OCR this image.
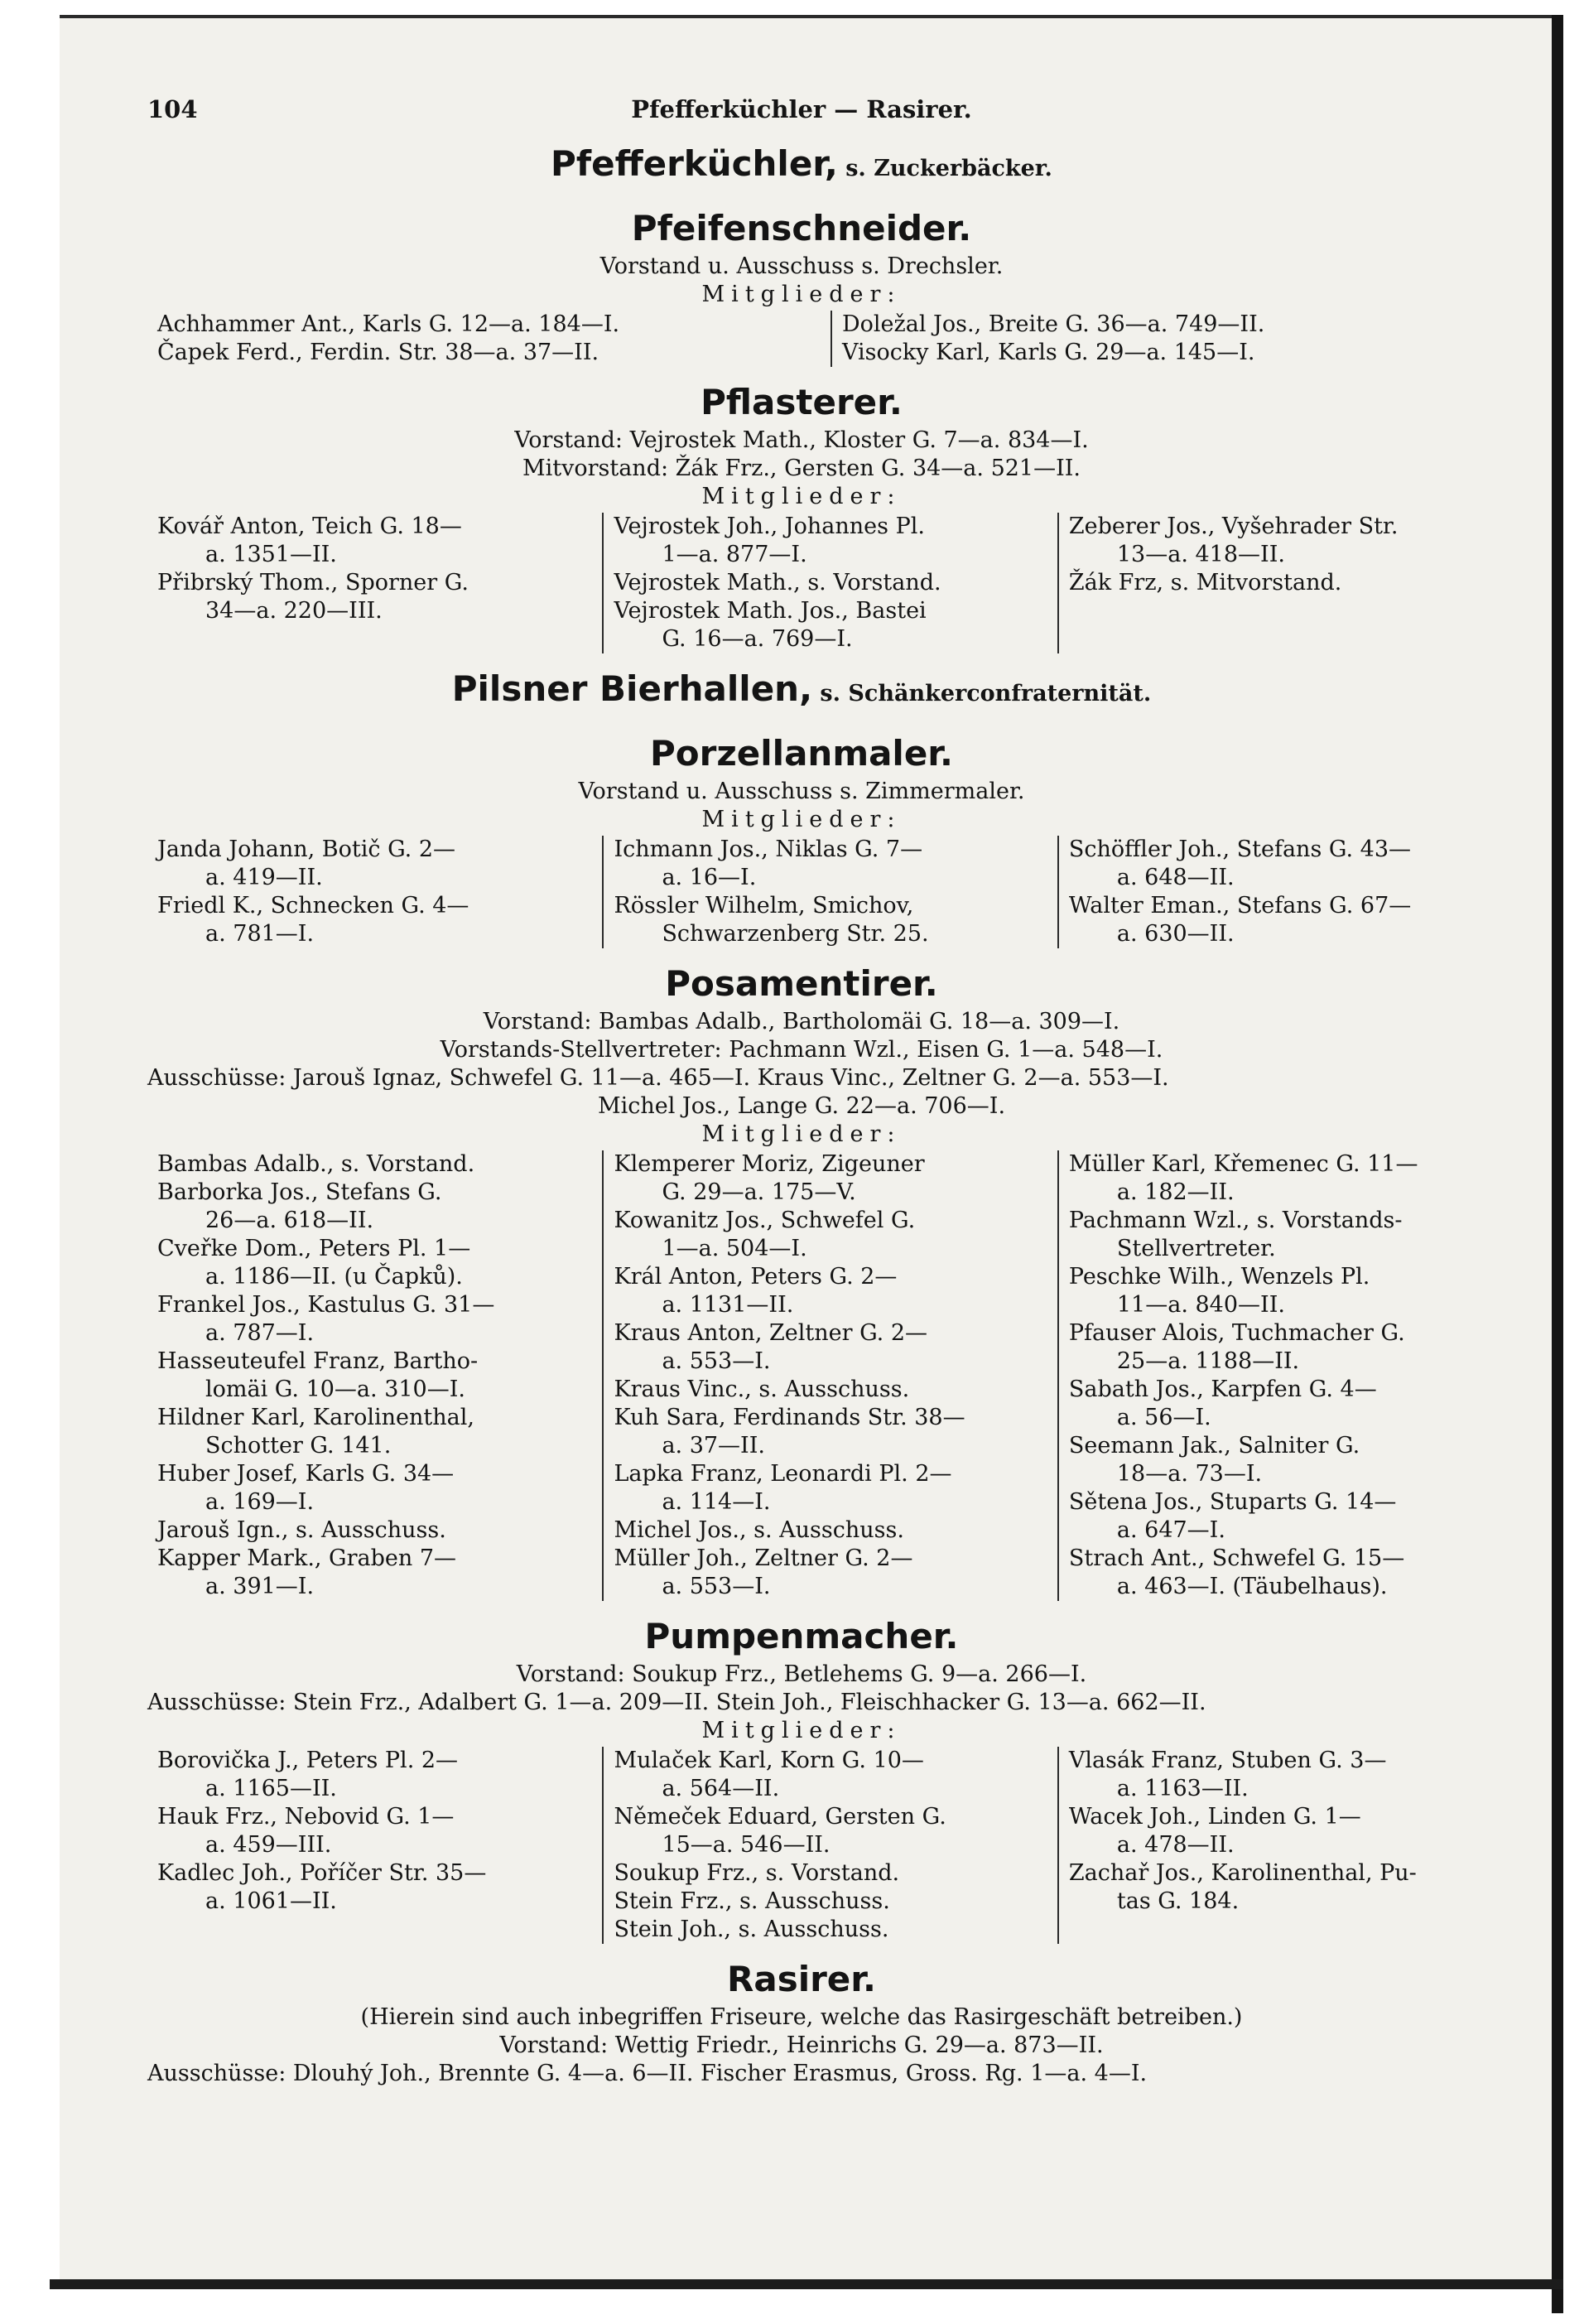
104	Pfefferküchler — Rasirer.
Pfefferküchler, s. Zuckerbäcker.
Pfeifenschneider.
Vorstand u. Ausschuss s. Drechsler.
Mitglieder:
Achhammer Ant., Karls G. 12—a. 184—I.
Čapek Ferd., Ferdin. Str. 38—a. 37—II.
Doležal Jos., Breite G. 36—a. 749—II.
Visocky Karl, Karls G. 29—a. 145—I.
Pflasterer.
Vorstand: Vejrostek Math., Kloster G. 7—a. 834—I.
Mitvorstand: Žák Frz., Gersten G. 34—a. 521—II.
Mitglieder:
Kovář Anton, Teich G. 18—
a. 1351—II.
Přibrský Thom., Sporner G.
34—a. 220—III.
Vejrostek Joh., Johannes Pl.
1—a. 877—I.
Vejrostek Math., s. Vorstand.
Vejrostek Math. Jos., Bastei
G. 16—a. 769—I.
Zeberer Jos., Vyšehrader Str.
13—a. 418—II.
Žák Frz, s. Mitvorstand.
Pilsner Bierhallen, s. Schänkerconfraternität.
Porzellanmaler.
Vorstand u. Ausschuss s. Zimmermaler.
Mitglieder:
Janda Johann, Botič G. 2—
a. 419—II.
Friedl K., Schnecken G. 4—
a. 781—I.
Ichmann Jos., Niklas G. 7—
a. 16—I.
Rössler Wilhelm, Smichov,
Schwarzenberg Str. 25.
Schöffler Joh., Stefans G. 43—
a. 648—II.
Walter Eman., Stefans G. 67—
a. 630—II.
Posamentirer.
Vorstand: Bambas Adalb., Bartholomäi G. 18—a. 309—I.
Vorstands-Stellvertreter: Pachmann Wzl., Eisen G. 1—a. 548—I.
Ausschüsse: Jarouš Ignaz, Schwefel G. 11—a. 465—I. Kraus Vinc., Zeltner G. 2—a. 553—I.
Michel Jos., Lange G. 22—a. 706—I.
Mitglieder:
Bambas Adalb., s. Vorstand.
Barborka Jos., Stefans G.
26—a. 618—II.
Cveřke Dom., Peters Pl. 1—
a. 1186—II. (u Čapků).
Frankel Jos., Kastulus G. 31—
a. 787—I.
Hasseuteufel Franz, Bartho-
lomäi G. 10—a. 310—I.
Hildner Karl, Karolinenthal,
Schotter G. 141.
Huber Josef, Karls G. 34—
a. 169—I.
Jarouš Ign., s. Ausschuss.
Kapper Mark., Graben 7—
a. 391—I.
Klemperer Moriz, Zigeuner
G. 29—a. 175—V.
Kowanitz Jos., Schwefel G.
1—a. 504—I.
Král Anton, Peters G. 2—
a. 1131—II.
Kraus Anton, Zeltner G. 2—
a. 553—I.
Kraus Vinc., s. Ausschuss.
Kuh Sara, Ferdinands Str. 38—
a. 37—II.
Lapka Franz, Leonardi Pl. 2—
a. 114—I.
Michel Jos., s. Ausschuss.
Müller Joh., Zeltner G. 2—
a. 553—I.
Müller Karl, Křemenec G. 11—
a. 182—II.
Pachmann Wzl., s. Vorstands-
Stellvertreter.
Peschke Wilh., Wenzels Pl.
11—a. 840—II.
Pfauser Alois, Tuchmacher G.
25—a. 1188—II.
Sabath Jos., Karpfen G. 4—
a. 56—I.
Seemann Jak., Salniter G.
18—a. 73—I.
Sětena Jos., Stuparts G. 14—
a. 647—I.
Strach Ant., Schwefel G. 15—
a. 463—I. (Täubelhaus).
Pumpenmacher.
Vorstand: Soukup Frz., Betlehems G. 9—a. 266—I.
Ausschüsse: Stein Frz., Adalbert G. 1—a. 209—II. Stein Joh., Fleischhacker G. 13—a. 662—II.
Mitglieder:
Borovička J., Peters Pl. 2—
a. 1165—II.
Hauk Frz., Nebovid G. 1—
a. 459—III.
Kadlec Joh., Poříčer Str. 35—
a. 1061—II.
Mulaček Karl, Korn G. 10—
a. 564—II.
Němeček Eduard, Gersten G.
15—a. 546—II.
Soukup Frz., s. Vorstand.
Stein Frz., s. Ausschuss.
Stein Joh., s. Ausschuss.
Vlasák Franz, Stuben G. 3—
a. 1163—II.
Wacek Joh., Linden G. 1—
a. 478—II.
Zachař Jos., Karolinenthal, Pu-
tas G. 184.
Rasirer.
(Hierein sind auch inbegriffen Friseure, welche das Rasirgeschäft betreiben.)
Vorstand: Wettig Friedr., Heinrichs G. 29—a. 873—II.
Ausschüsse: Dlouhý Joh., Brennte G. 4—a. 6—II. Fischer Erasmus, Gross. Rg. 1—a. 4—I.
